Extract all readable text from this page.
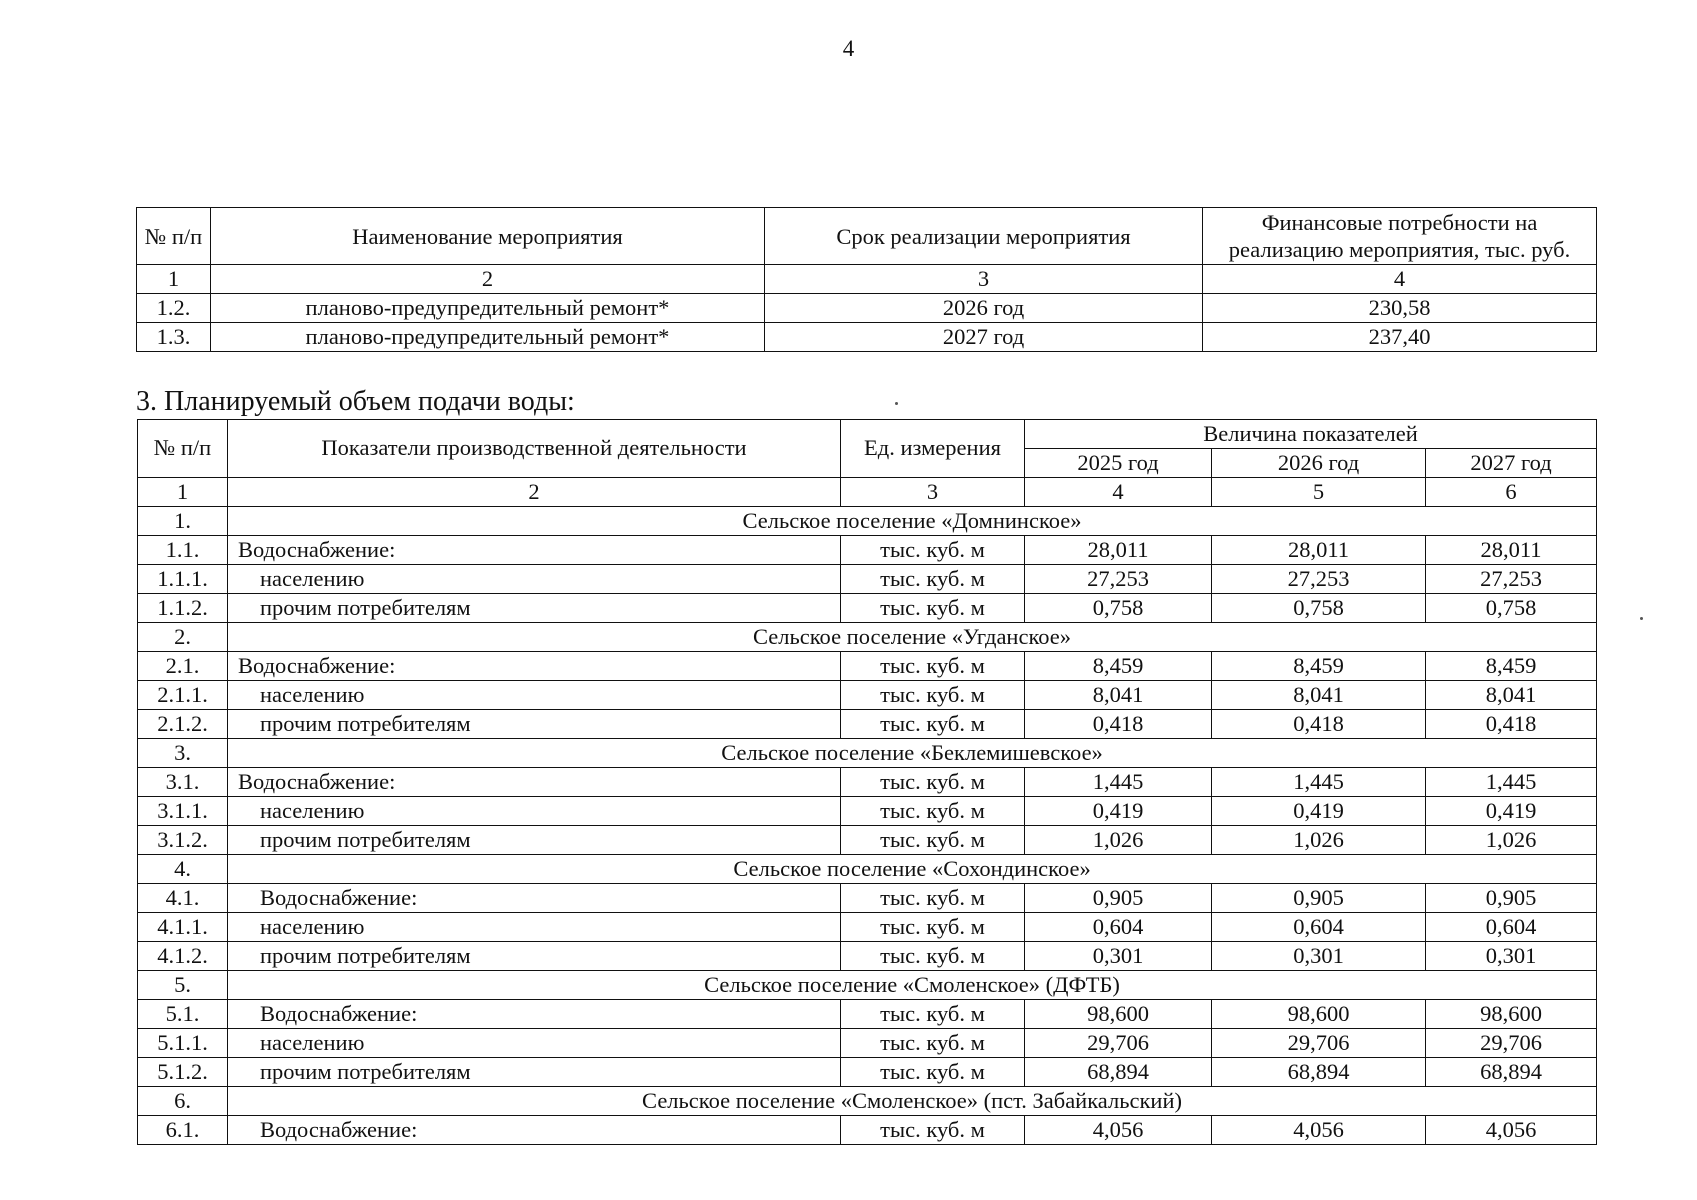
4
№ п/п	Наименование мероприятия	Срок реализации мероприятия	Финансовые потребности на реализацию мероприятия, тыс. руб.
1	2	3	4
1.2.	планово-предупредительный ремонт*	2026 год	230,58
1.3.	планово-предупредительный ремонт*	2027 год	237,40
3. Планируемый объем подачи воды:
№ п/п	Показатели производственной деятельности	Ед. измерения	Величина показателей		
			2025 год	2026 год	2027 год
1	2	3	4	5	6
1.	Сельское поселение «Домнинское»				
1.1.	Водоснабжение:	тыс. куб. м	28,011	28,011	28,011
1.1.1.	населению	тыс. куб. м	27,253	27,253	27,253
1.1.2.	прочим потребителям	тыс. куб. м	0,758	0,758	0,758
2.	Сельское поселение «Угданское»				
2.1.	Водоснабжение:	тыс. куб. м	8,459	8,459	8,459
2.1.1.	населению	тыс. куб. м	8,041	8,041	8,041
2.1.2.	прочим потребителям	тыс. куб. м	0,418	0,418	0,418
3.	Сельское поселение «Беклемишевское»				
3.1.	Водоснабжение:	тыс. куб. м	1,445	1,445	1,445
3.1.1.	населению	тыс. куб. м	0,419	0,419	0,419
3.1.2.	прочим потребителям	тыс. куб. м	1,026	1,026	1,026
4.	Сельское поселение «Сохондинское»				
4.1.	Водоснабжение:	тыс. куб. м	0,905	0,905	0,905
4.1.1.	населению	тыс. куб. м	0,604	0,604	0,604
4.1.2.	прочим потребителям	тыс. куб. м	0,301	0,301	0,301
5.	Сельское поселение «Смоленское» (ДФТБ)				
5.1.	Водоснабжение:	тыс. куб. м	98,600	98,600	98,600
5.1.1.	населению	тыс. куб. м	29,706	29,706	29,706
5.1.2.	прочим потребителям	тыс. куб. м	68,894	68,894	68,894
6.	Сельское поселение «Смоленское» (пст. Забайкальский)				
6.1.	Водоснабжение:	тыс. куб. м	4,056	4,056	4,056
